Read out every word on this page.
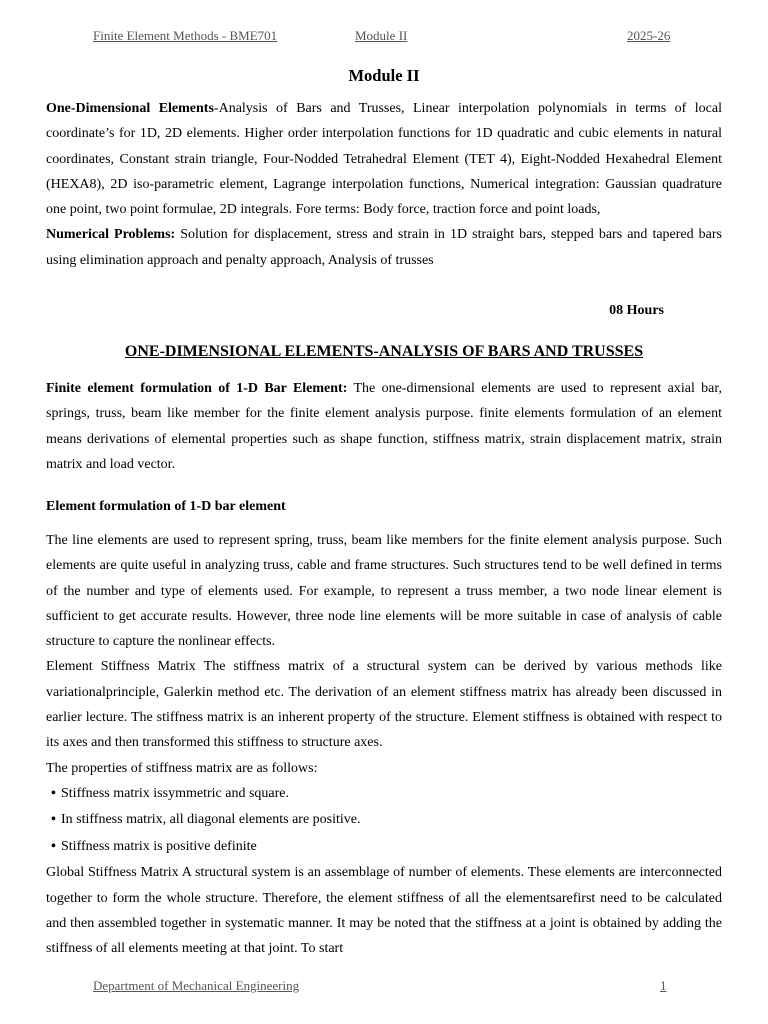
Finite Element Methods - BME701	Module II	2025-26
Module II

One-Dimensional Elements-Analysis of Bars and Trusses, Linear interpolation polynomials in terms of local coordinate’s for 1D, 2D elements. Higher order interpolation functions for 1D quadratic and cubic elements in natural coordinates, Constant strain triangle, Four-Nodded Tetrahedral Element (TET 4), Eight-Nodded Hexahedral Element (HEXA8), 2D iso-parametric element, Lagrange interpolation functions, Numerical integration: Gaussian quadrature one point, two point formulae, 2D integrals. Fore terms: Body force, traction force and point loads,

Numerical Problems: Solution for displacement, stress and strain in 1D straight bars, stepped bars and tapered bars using elimination approach and penalty approach, Analysis of trusses

08 Hours
ONE-DIMENSIONAL ELEMENTS-ANALYSIS OF BARS AND TRUSSES

Finite element formulation of 1-D Bar Element: The one-dimensional elements are used to represent axial bar, springs, truss, beam like member for the finite element analysis purpose. finite elements formulation of an element means derivations of elemental properties such as shape function, stiffness matrix, strain displacement matrix, strain matrix and load vector.

Element formulation of 1-D bar element

The line elements are used to represent spring, truss, beam like members for the finite element analysis purpose. Such elements are quite useful in analyzing truss, cable and frame structures. Such structures tend to be well defined in terms of the number and type of elements used. For example, to represent a truss member, a two node linear element is sufficient to get accurate results. However, three node line elements will be more suitable in case of analysis of cable structure to capture the nonlinear effects.

Element Stiffness Matrix The stiffness matrix of a structural system can be derived by various methods like variationalprinciple, Galerkin method etc. The derivation of an element stiffness matrix has already been discussed in earlier lecture. The stiffness matrix is an inherent property of the structure. Element stiffness is obtained with respect to its axes and then transformed this stiffness to structure axes.

The properties of stiffness matrix are as follows:

• Stiffness matrix issymmetric and square.
• In stiffness matrix, all diagonal elements are positive.
• Stiffness matrix is positive definite

Global Stiffness Matrix A structural system is an assemblage of number of elements. These elements are interconnected together to form the whole structure. Therefore, the element stiffness of all the elementsarefirst need to be calculated and then assembled together in systematic manner. It may be noted that the stiffness at a joint is obtained by adding the stiffness of all elements meeting at that joint. To start

Department of Mechanical Engineering	1
